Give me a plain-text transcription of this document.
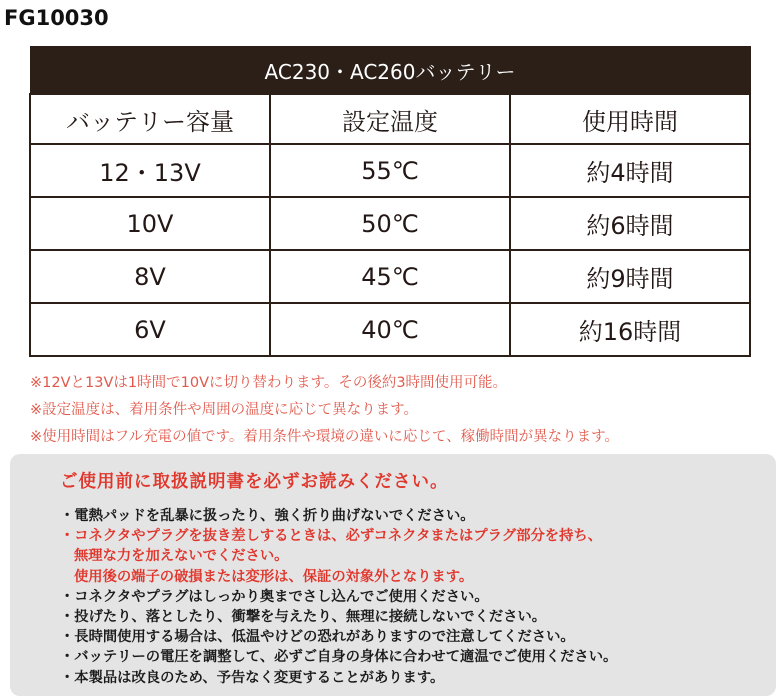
FG10030
AC230・AC260バッテリー		
バッテリー容量	設定温度	使用時間
12・13V	55℃	約4時間
10V	50℃	約6時間
8V	45℃	約9時間
6V	40℃	約16時間
※12Vと13Vは1時間で10Vに切り替わります。その後約3時間使用可能。
※設定温度は、着用条件や周囲の温度に応じて異なります。
※使用時間はフル充電の値です。着用条件や環境の違いに応じて、稼働時間が異なります。
ご使用前に取扱説明書を必ずお読みください。
・電熱パッドを乱暴に扱ったり、強く折り曲げないでください。
・コネクタやプラグを抜き差しするときは、必ずコネクタまたはプラグ部分を持ち、
無理な力を加えないでください。
使用後の端子の破損または変形は、保証の対象外となります。
・コネクタやプラグはしっかり奥までさし込んでご使用ください。
・投げたり、落としたり、衝撃を与えたり、無理に接続しないでください。
・長時間使用する場合は、低温やけどの恐れがありますので注意してください。
・バッテリーの電圧を調整して、必ずご自身の身体に合わせて適温でご使用ください。
・本製品は改良のため、予告なく変更することがあります。
